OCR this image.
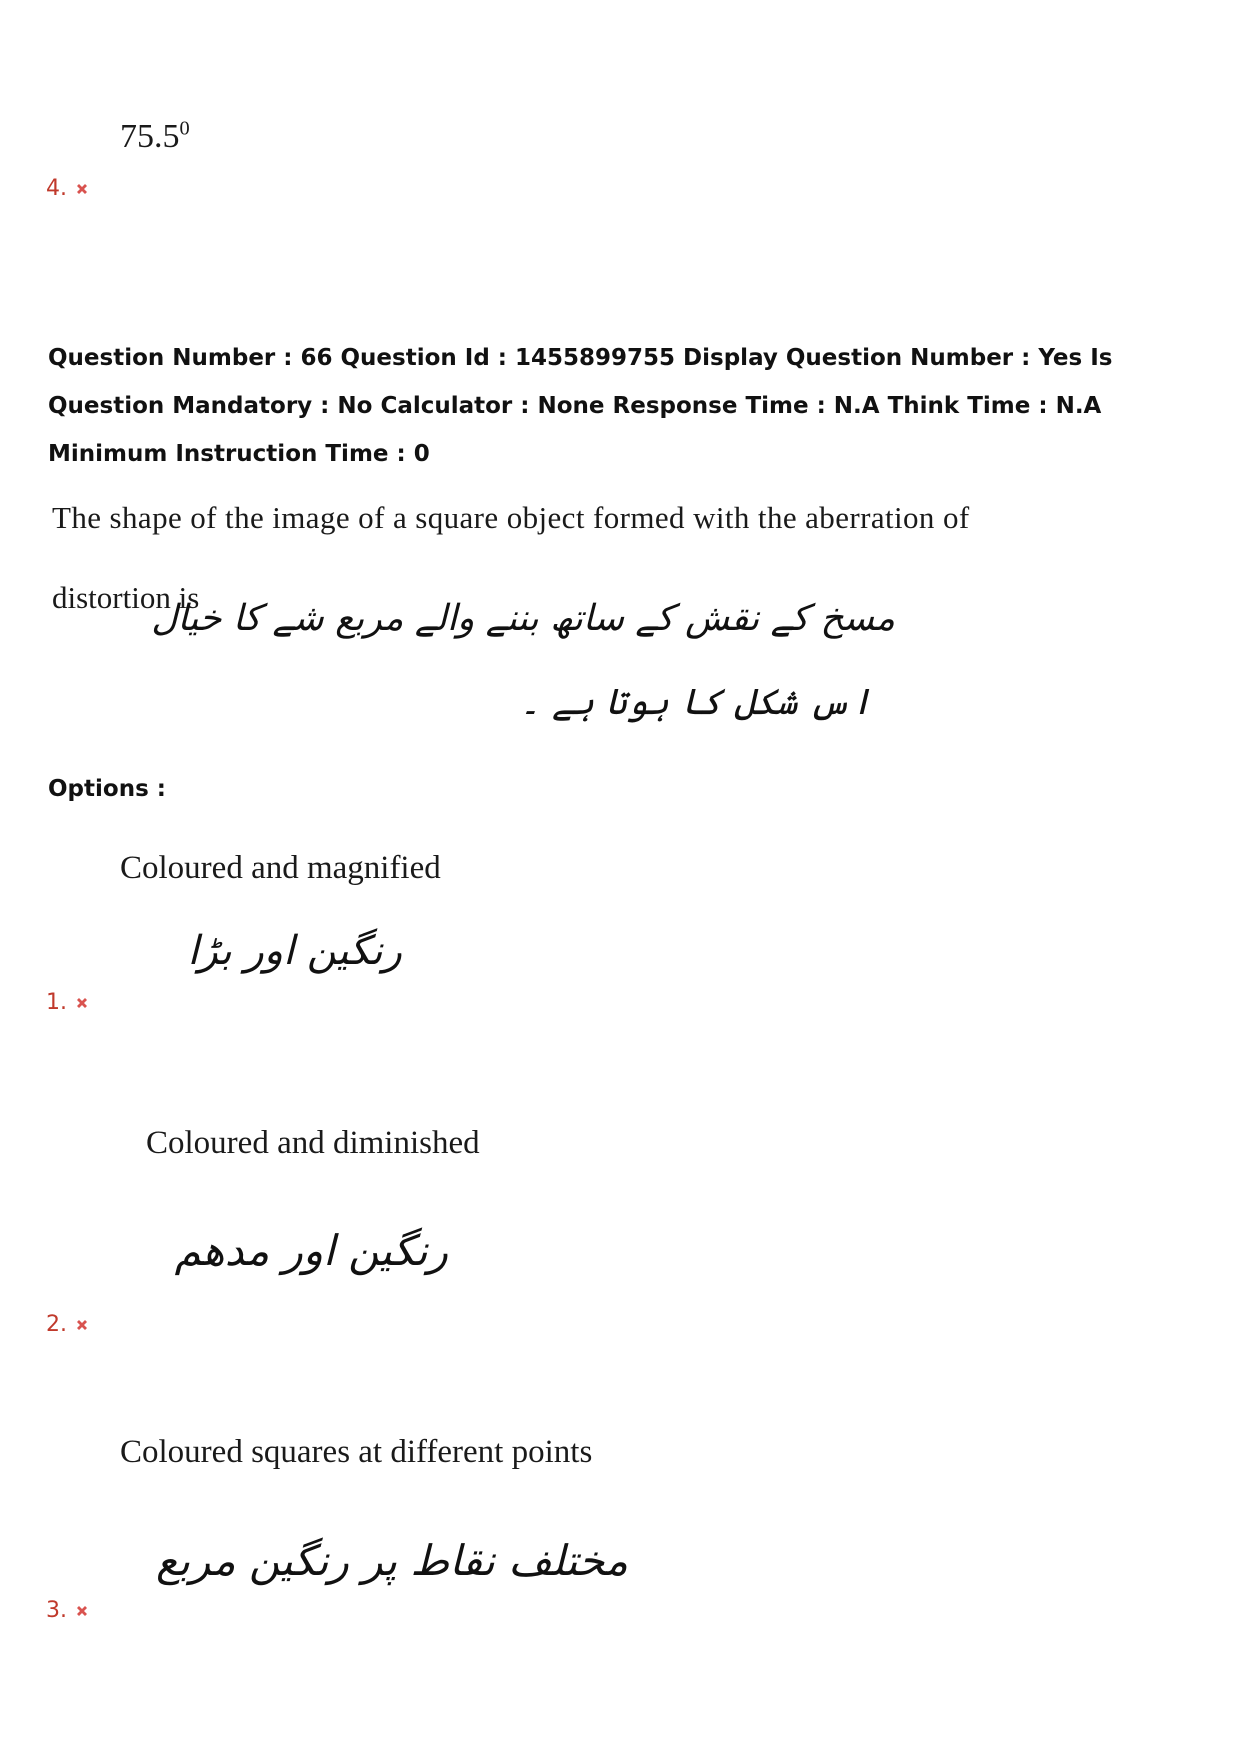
75.5$^0$
4.
Question Number : 66 Question Id : 1455899755 Display Question Number : Yes Is Question Mandatory : No Calculator : None Response Time : N.A Think Time : N.A Minimum Instruction Time : 0
The shape of the image of a square object formed with the aberration of
distortion is
مسخ کے نقش کے ساتھ بننے والے مربع شے کا خیال
اس شکل کا ہوتا ہے ۔
Options :
Coloured and magnified
رنگین اور بڑا
1.
Coloured and diminished
رنگین اور مدھم
2.
Coloured squares at different points
مختلف نقاط پر رنگین مربع
3.
